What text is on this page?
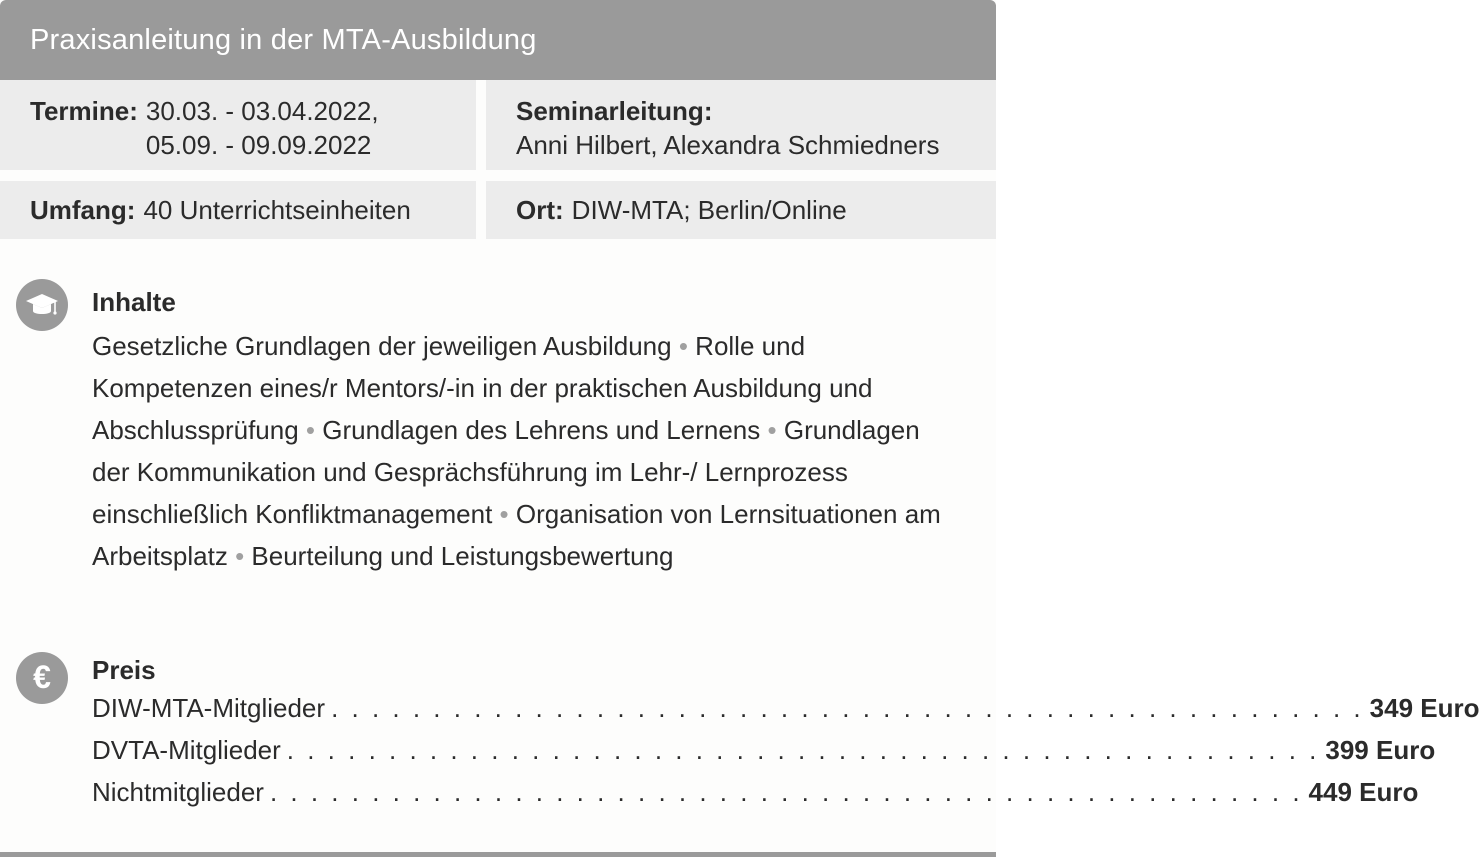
Praxisanleitung in der MTA-Ausbildung
Termine: 30.03. - 03.04.2022,
05.09. - 09.09.2022
Seminarleitung:
Anni Hilbert, Alexandra Schmiedners
Umfang: 40 Unterrichtseinheiten	Ort: DIW-MTA; Berlin/Online
Inhalte
Gesetzliche Grundlagen der jeweiligen Ausbildung • Rolle und Kompetenzen eines/r Mentors/-in in der praktischen Ausbildung und Abschlussprüfung • Grundlagen des Lehrens und Lernens • Grundlagen der Kommunikation und Gesprächsführung im Lehr-/ Lernprozess einschließlich Konfliktmanagement • Organisation von Lernsituationen am Arbeitsplatz • Beurteilung und Leistungsbewertung
€ Preis
DIW-MTA-Mitglieder . . . . . . . . . . . . . . . . . . . . . . . . . . . . . . . . . . . . . . . . . . . . . . . . . . . 349 Euro
DVTA-Mitglieder . . . . . . . . . . . . . . . . . . . . . . . . . . . . . . . . . . . . . . . . . . . . . . . . . . . 399 Euro
Nichtmitglieder . . . . . . . . . . . . . . . . . . . . . . . . . . . . . . . . . . . . . . . . . . . . . . . . . . . 449 Euro
